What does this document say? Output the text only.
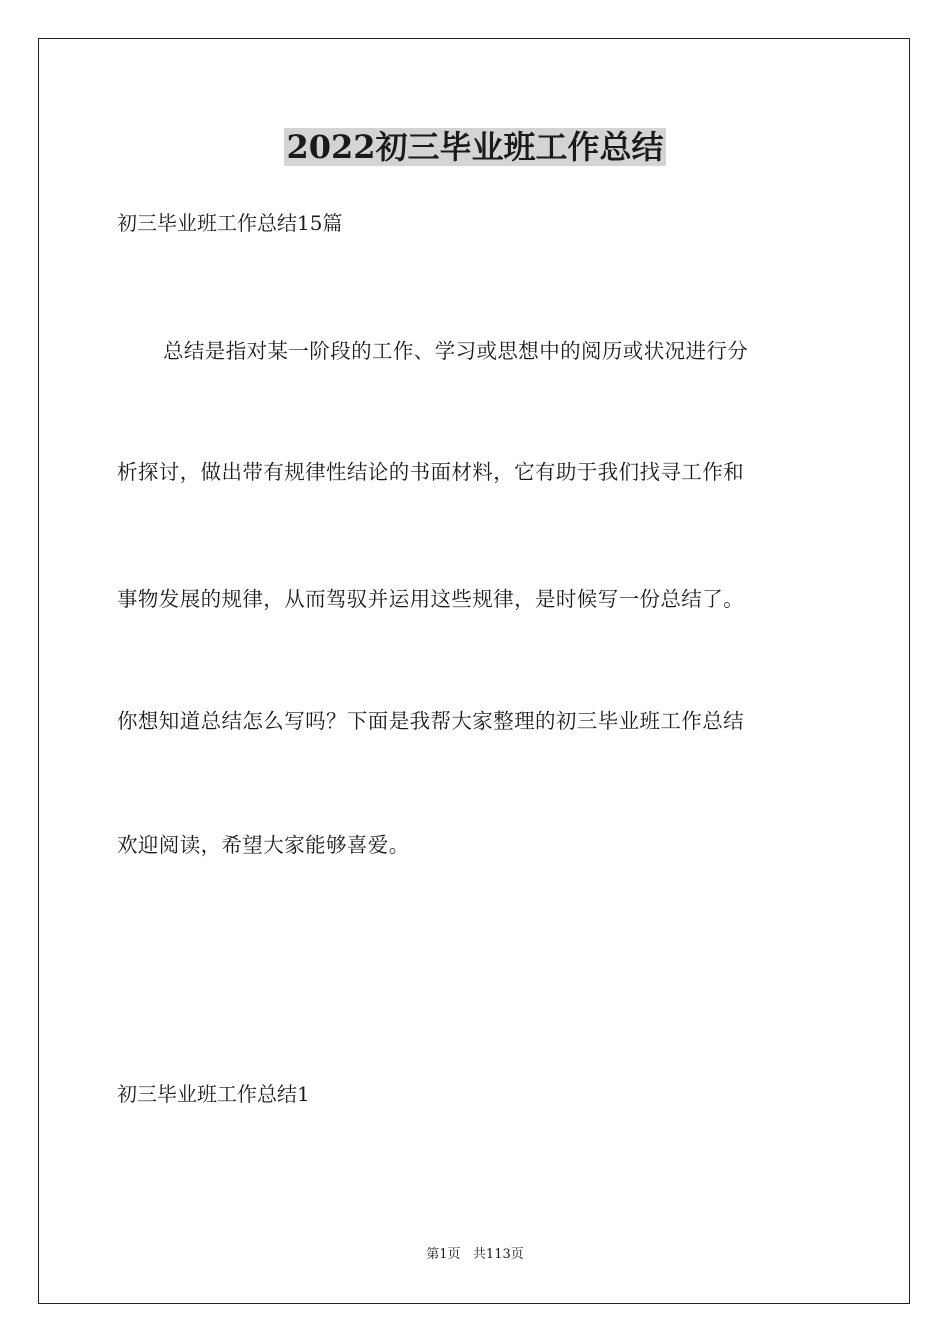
2022初三毕业班工作总结

初三毕业班工作总结15篇

总结是指对某一阶段的工作、学习或思想中的阅历或状况进行分

析探讨，做出带有规律性结论的书面材料，它有助于我们找寻工作和

事物发展的规律，从而驾驭并运用这些规律，是时候写一份总结了。

你想知道总结怎么写吗？下面是我帮大家整理的初三毕业班工作总结

欢迎阅读，希望大家能够喜爱。

初三毕业班工作总结1

第1页 共113页
